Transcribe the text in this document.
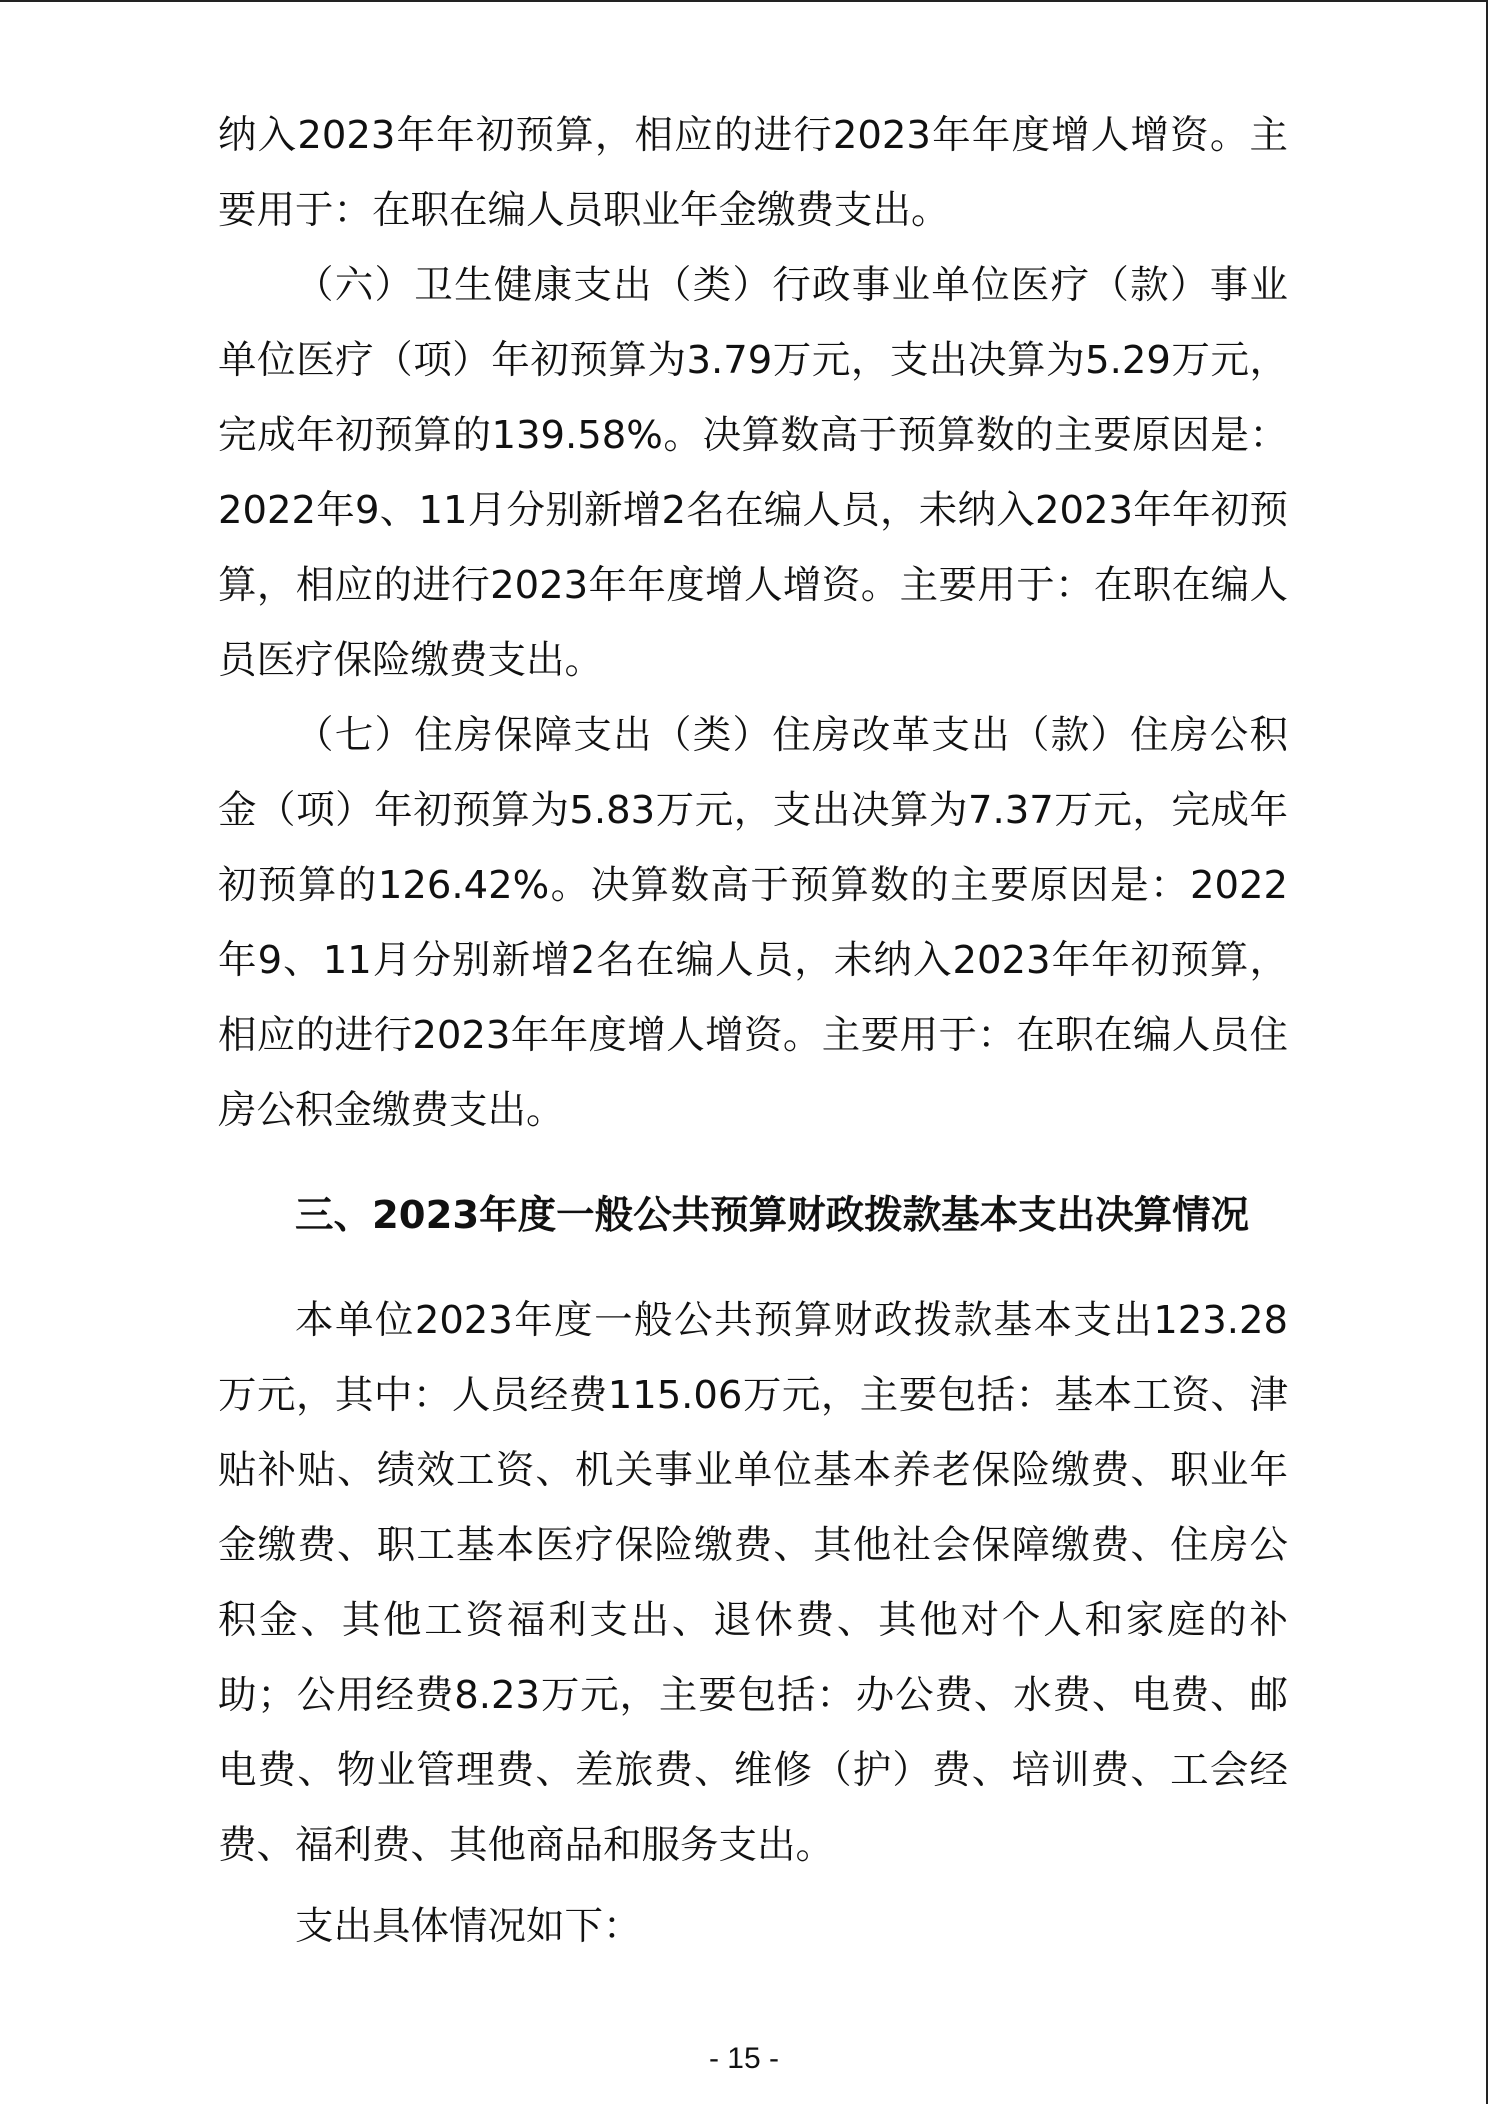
纳入2023年年初预算，相应的进行2023年年度增人增资。主要用于：在职在编人员职业年金缴费支出。

（六）卫生健康支出（类）行政事业单位医疗（款）事业单位医疗（项）年初预算为3.79万元，支出决算为5.29万元，完成年初预算的139.58%。决算数高于预算数的主要原因是：2022年9、11月分别新增2名在编人员，未纳入2023年年初预算，相应的进行2023年年度增人增资。主要用于：在职在编人员医疗保险缴费支出。

（七）住房保障支出（类）住房改革支出（款）住房公积金（项）年初预算为5.83万元，支出决算为7.37万元，完成年初预算的126.42%。决算数高于预算数的主要原因是：2022年9、11月分别新增2名在编人员，未纳入2023年年初预算，相应的进行2023年年度增人增资。主要用于：在职在编人员住房公积金缴费支出。

三、2023年度一般公共预算财政拨款基本支出决算情况

本单位2023年度一般公共预算财政拨款基本支出123.28万元，其中：人员经费115.06万元，主要包括：基本工资、津贴补贴、绩效工资、机关事业单位基本养老保险缴费、职业年金缴费、职工基本医疗保险缴费、其他社会保障缴费、住房公积金、其他工资福利支出、退休费、其他对个人和家庭的补助；公用经费8.23万元，主要包括：办公费、水费、电费、邮电费、物业管理费、差旅费、维修（护）费、培训费、工会经费、福利费、其他商品和服务支出。

支出具体情况如下：

- 15 -
